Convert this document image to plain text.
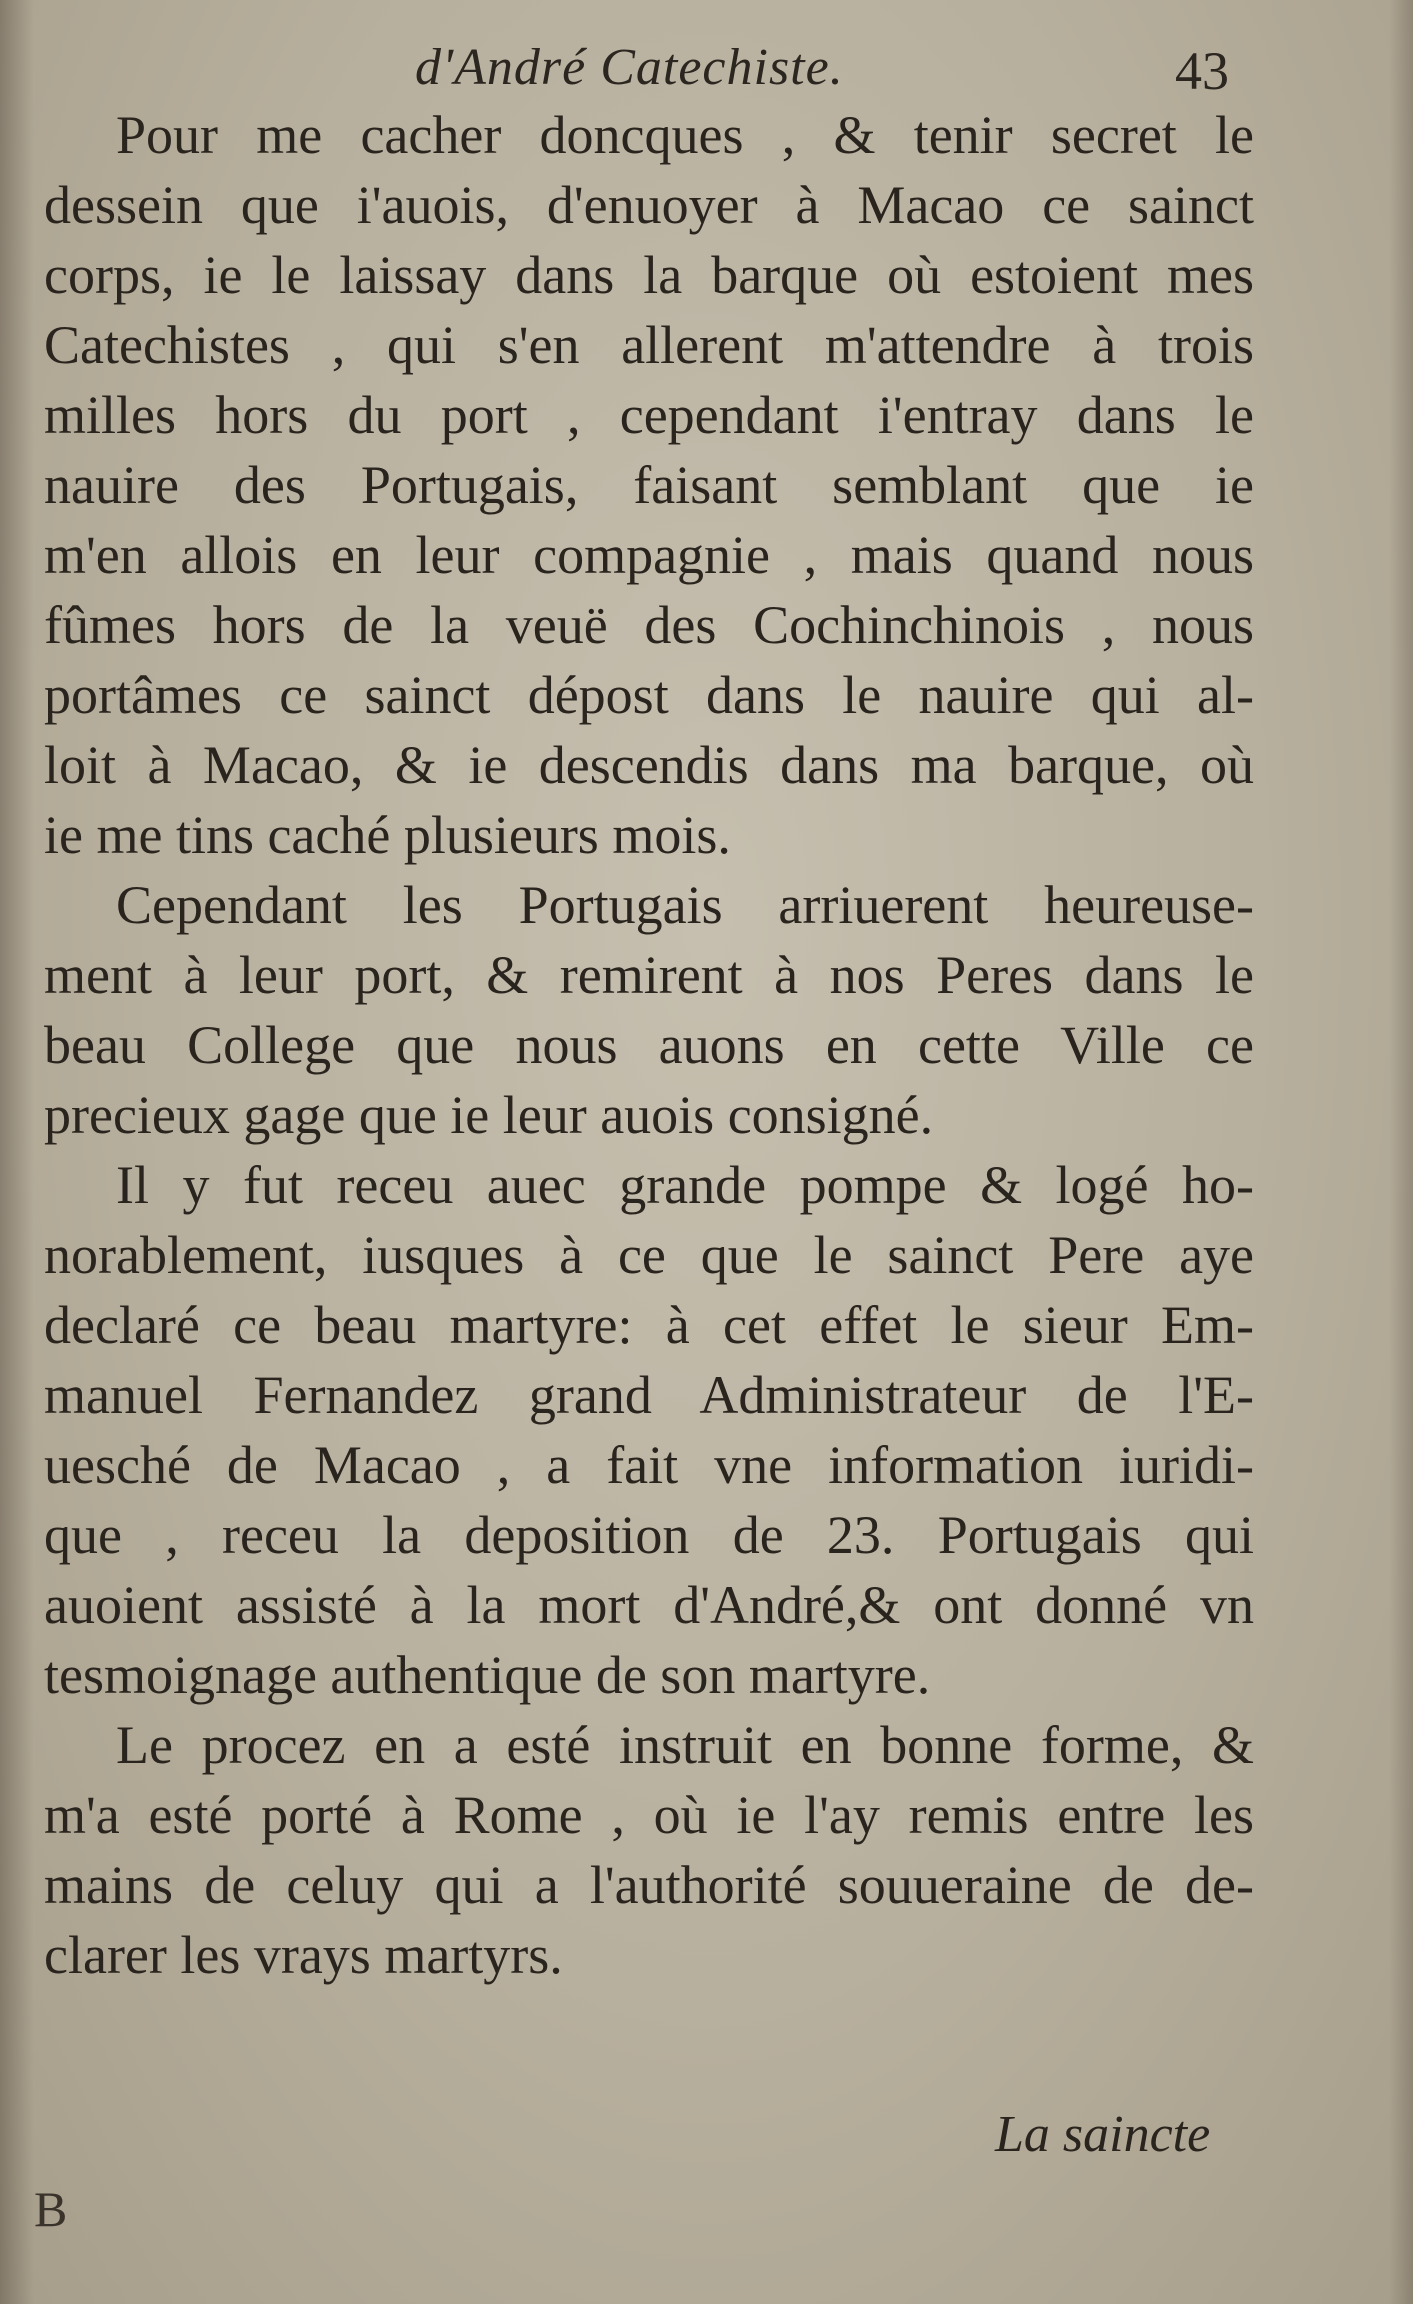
d'André Catechiste.	43
Pour me cacher doncques , & tenir secret le
dessein que i'auois, d'enuoyer à Macao ce sainct
corps, ie le laissay dans la barque où estoient mes
Catechistes , qui s'en allerent m'attendre à trois
milles hors du port , cependant i'entray dans le
nauire des Portugais, faisant semblant que ie
m'en allois en leur compagnie , mais quand nous
fûmes hors de la veuë des Cochinchinois , nous
portâmes ce sainct dépost dans le nauire qui al-
loit à Macao, & ie descendis dans ma barque, où
ie me tins caché plusieurs mois.
Cependant les Portugais arriuerent heureuse-
ment à leur port, & remirent à nos Peres dans le
beau College que nous auons en cette Ville ce
precieux gage que ie leur auois consigné.
Il y fut receu auec grande pompe & logé ho-
norablement, iusques à ce que le sainct Pere aye
declaré ce beau martyre: à cet effet le sieur Em-
manuel Fernandez grand Administrateur de l'E-
uesché de Macao , a fait vne information iuridi-
que , receu la deposition de 23. Portugais qui
auoient assisté à la mort d'André,& ont donné vn
tesmoignage authentique de son martyre.
Le procez en a esté instruit en bonne forme, &
m'a esté porté à Rome , où ie l'ay remis entre les
mains de celuy qui a l'authorité souueraine de de-
clarer les vrays martyrs.
La saincte
B
